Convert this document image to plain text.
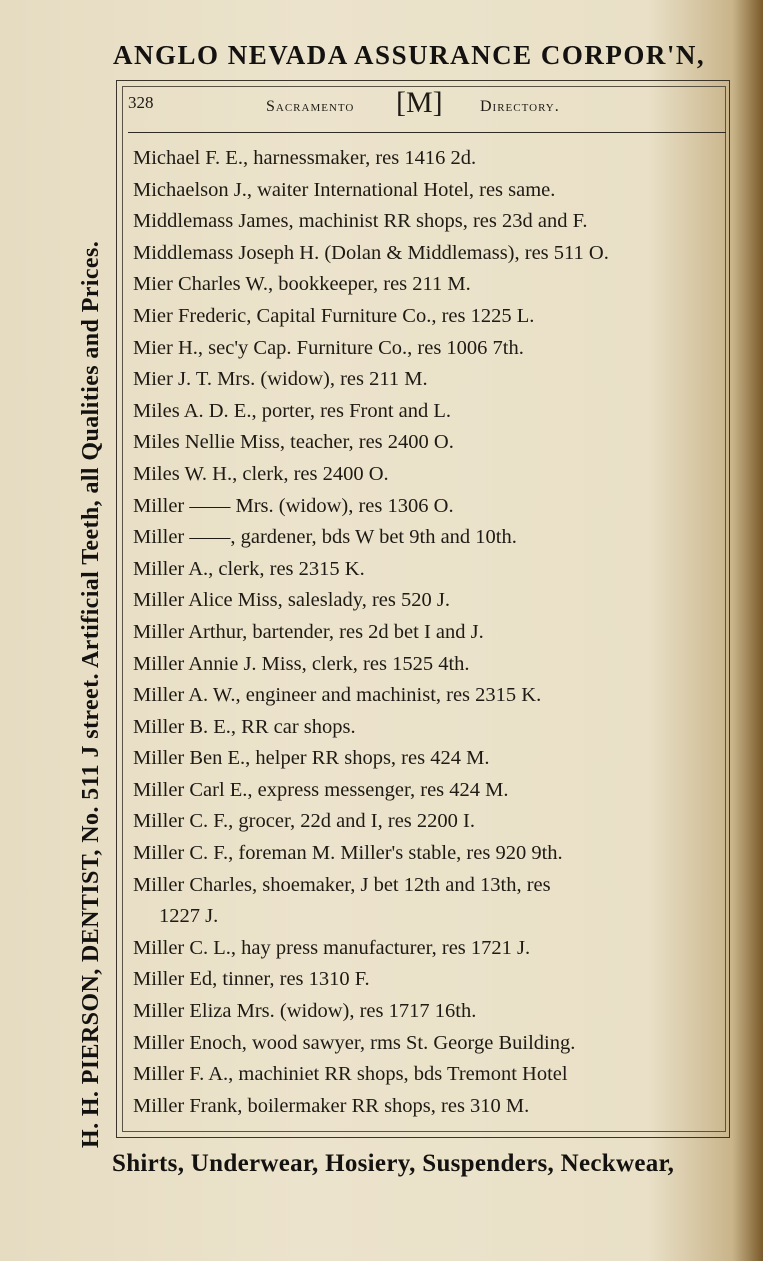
ANGLO NEVADA ASSURANCE CORPOR'N,
H. H. PIERSON, DENTIST, No. 511 J street. Artificial Teeth, all Qualities and Prices.
328	Sacramento [M] Directory.
Michael F. E., harnessmaker, res 1416 2d.
Michaelson J., waiter International Hotel, res same.
Middlemass James, machinist RR shops, res 23d and F.
Middlemass Joseph H. (Dolan & Middlemass), res 511 O.
Mier Charles W., bookkeeper, res 211 M.
Mier Frederic, Capital Furniture Co., res 1225 L.
Mier H., sec'y Cap. Furniture Co., res 1006 7th.
Mier J. T. Mrs. (widow), res 211 M.
Miles A. D. E., porter, res Front and L.
Miles Nellie Miss, teacher, res 2400 O.
Miles W. H., clerk, res 2400 O.
Miller —— Mrs. (widow), res 1306 O.
Miller ——, gardener, bds W bet 9th and 10th.
Miller A., clerk, res 2315 K.
Miller Alice Miss, saleslady, res 520 J.
Miller Arthur, bartender, res 2d bet I and J.
Miller Annie J. Miss, clerk, res 1525 4th.
Miller A. W., engineer and machinist, res 2315 K.
Miller B. E., RR car shops.
Miller Ben E., helper RR shops, res 424 M.
Miller Carl E., express messenger, res 424 M.
Miller C. F., grocer, 22d and I, res 2200 I.
Miller C. F., foreman M. Miller's stable, res 920 9th.
Miller Charles, shoemaker, J bet 12th and 13th, res
1227 J.
Miller C. L., hay press manufacturer, res 1721 J.
Miller Ed, tinner, res 1310 F.
Miller Eliza Mrs. (widow), res 1717 16th.
Miller Enoch, wood sawyer, rms St. George Building.
Miller F. A., machiniet RR shops, bds Tremont Hotel
Miller Frank, boilermaker RR shops, res 310 M.
Shirts, Underwear, Hosiery, Suspenders, Neckwear,
